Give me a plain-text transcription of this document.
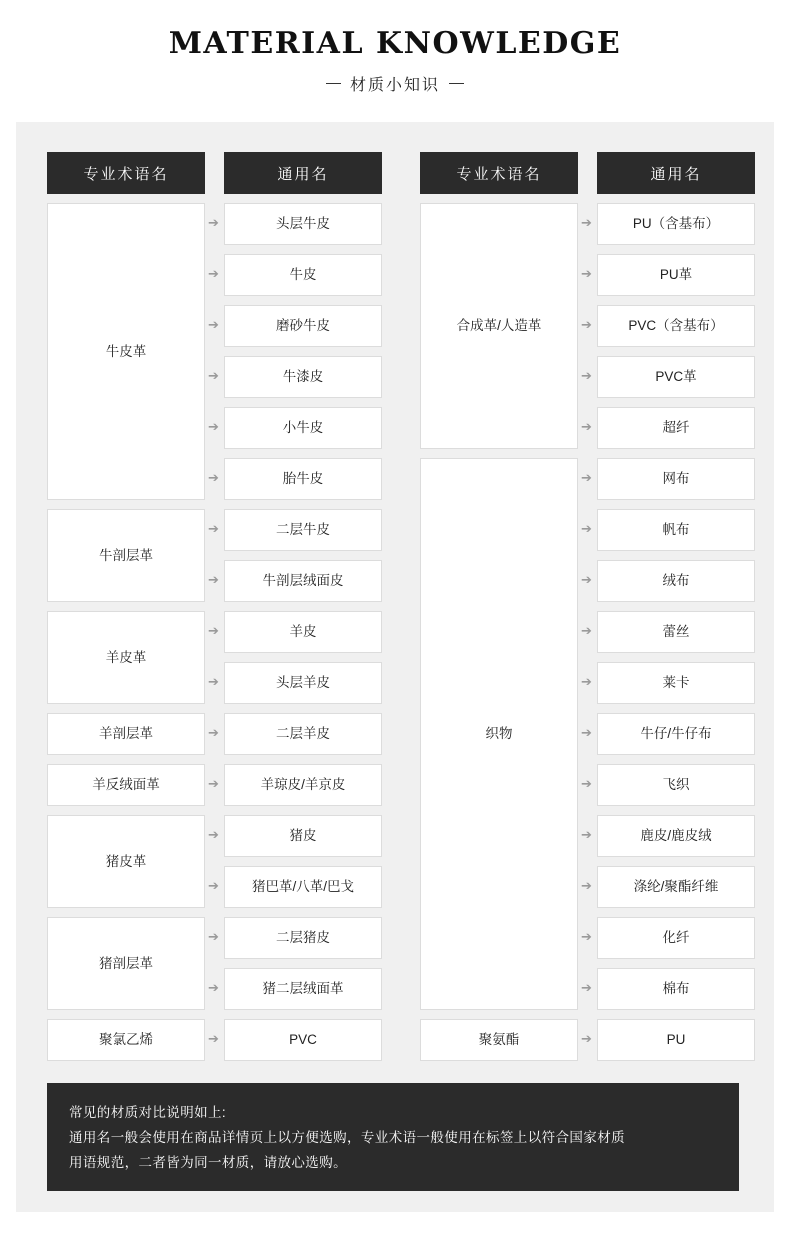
MATERIAL KNOWLEDGE
材质小知识
专业术语名
牛皮革
牛剖层革
羊皮革
羊剖层革
羊反绒面革
猪皮革
猪剖层革
聚氯乙烯
通用名
头层牛皮
牛皮
磨砂牛皮
牛漆皮
小牛皮
胎牛皮
二层牛皮
牛剖层绒面皮
羊皮
头层羊皮
二层羊皮
羊琼皮/羊京皮
猪皮
猪巴革/八革/巴戈
二层猪皮
猪二层绒面革
PVC
➔
➔
➔
➔
➔
➔
➔
➔
➔
➔
➔
➔
➔
➔
➔
➔
➔
专业术语名
合成革/人造革
织物
聚氨酯
通用名
PU（含基布）
PU革
PVC（含基布）
PVC革
超纤
网布
帆布
绒布
蕾丝
莱卡
牛仔/牛仔布
飞织
鹿皮/鹿皮绒
涤纶/聚酯纤维
化纤
棉布
PU
➔
➔
➔
➔
➔
➔
➔
➔
➔
➔
➔
➔
➔
➔
➔
➔
➔
常见的材质对比说明如上:
通用名一般会使用在商品详情页上以方便选购，专业术语一般使用在标签上以符合国家材质
用语规范，二者皆为同一材质，请放心选购。
